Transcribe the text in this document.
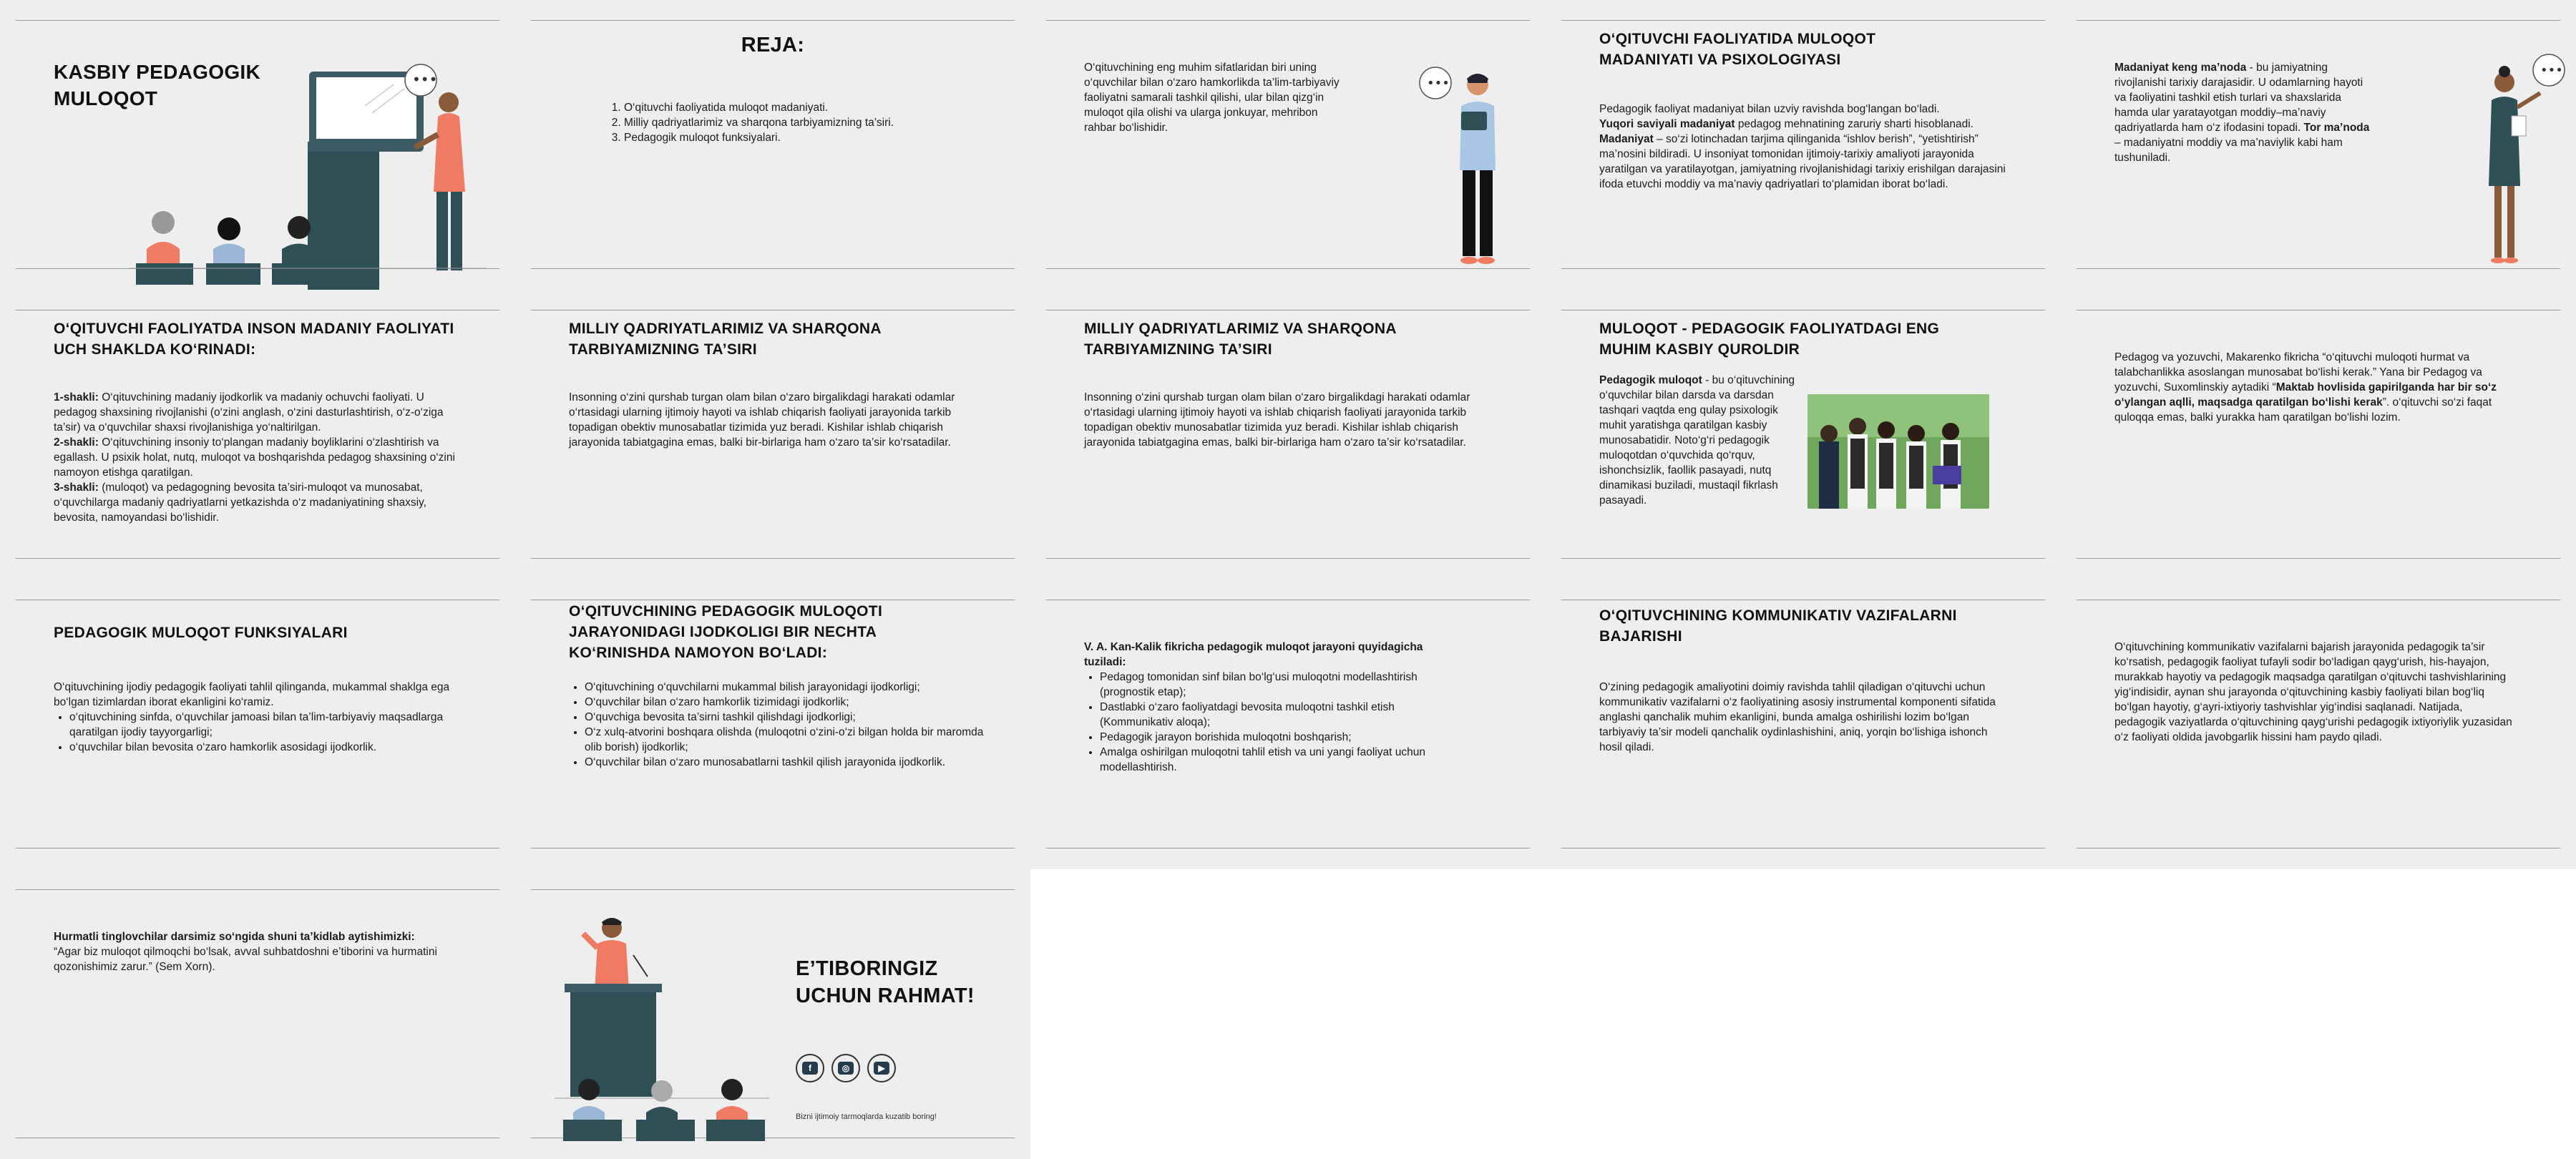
KASBIY PEDAGOGIK MULOQOT
•••
REJA:
1. O‘qituvchi faoliyatida muloqot madaniyati.
2. Milliy qadriyatlarimiz va sharqona tarbiyamizning ta’siri.
3. Pedagogik muloqot funksiyalari.
O‘qituvchining eng muhim sifatlaridan biri uning o‘quvchilar bilan o‘zaro hamkorlikda ta’lim-tarbiyaviy faoliyatni samarali tashkil qilishi, ular bilan qizg‘in muloqot qila olishi va ularga jonkuyar, mehribon rahbar bo‘lishidir.
•••
O‘QITUVCHI FAOLIYATIDA MULOQOT MADANIYATI VA PSIXOLOGIYASI

Pedagogik faoliyat madaniyat bilan uzviy ravishda bog‘langan bo‘ladi.

Yuqori saviyali madaniyat pedagog mehnatining zaruriy sharti hisoblanadi. Madaniyat – so‘zi lotinchadan tarjima qilinganida “ishlov berish”, “yetishtirish” ma’nosini bildiradi. U insoniyat tomonidan ijtimoiy-tarixiy amaliyoti jarayonida yaratilgan va yaratilayotgan, jamiyatning rivojlanishidagi tarixiy erishilgan darajasini ifoda etuvchi moddiy va ma’naviy qadriyatlari to‘plamidan iborat bo‘ladi.

Madaniyat keng ma’noda - bu jamiyatning rivojlanishi tarixiy darajasidir. U odamlarning hayoti va faoliyatini tashkil etish turlari va shaxslarida hamda ular yaratayotgan moddiy–ma’naviy qadriyatlarda ham o‘z ifodasini topadi. Tor ma’noda – madaniyatni moddiy va ma’naviylik kabi ham tushuniladi.

•••
O‘QITUVCHI FAOLIYATDA INSON MADANIY FAOLIYATI UCH SHAKLDA KO‘RINADI:

1-shakli: O‘qituvchining madaniy ijodkorlik va madaniy ochuvchi faoliyati. U pedagog shaxsining rivojlanishi (o‘zini anglash, o‘zini dasturlashtirish, o‘z-o‘ziga ta’sir) va o‘quvchilar shaxsi rivojlanishiga yo‘naltirilgan.

2-shakli: O‘qituvchining insoniy to‘plangan madaniy boyliklarini o‘zlashtirish va egallash. U psixik holat, nutq, muloqot va boshqarishda pedagog shaxsining o‘zini namoyon etishga qaratilgan.

3-shakli: (muloqot) va pedagogning bevosita ta’siri-muloqot va munosabat, o‘quvchilarga madaniy qadriyatlarni yetkazishda o‘z madaniyatining shaxsiy, bevosita, namoyandasi bo‘lishidir.

MILLIY QADRIYATLARIMIZ VA SHARQONA TARBIYAMIZNING TA’SIRI
Insonning o‘zini qurshab turgan olam bilan o‘zaro birgalikdagi harakati odamlar o‘rtasidagi ularning ijtimoiy hayoti va ishlab chiqarish faoliyati jarayonida tarkib topadigan obektiv munosabatlar tizimida yuz beradi. Kishilar ishlab chiqarish jarayonida tabiatgagina emas, balki bir-birlariga ham o‘zaro ta’sir ko‘rsatadilar.
MILLIY QADRIYATLARIMIZ VA SHARQONA TARBIYAMIZNING TA’SIRI
Insonning o‘zini qurshab turgan olam bilan o‘zaro birgalikdagi harakati odamlar o‘rtasidagi ularning ijtimoiy hayoti va ishlab chiqarish faoliyati jarayonida tarkib topadigan obektiv munosabatlar tizimida yuz beradi. Kishilar ishlab chiqarish jarayonida tabiatgagina emas, balki bir-birlariga ham o‘zaro ta’sir ko‘rsatadilar.
MULOQOT - PEDAGOGIK FAOLIYATDAGI ENG MUHIM KASBIY QUROLDIR

Pedagogik muloqot - bu o‘qituvchining o‘quvchilar bilan darsda va darsdan tashqari vaqtda eng qulay psixologik muhit yaratishga qaratilgan kasbiy munosabatidir. Noto‘g‘ri pedagogik muloqotdan o‘quvchida qo‘rquv, ishonchsizlik, faollik pasayadi, nutq dinamikasi buziladi, mustaqil fikrlash pasayadi.

Pedagog va yozuvchi, Makarenko fikricha “o‘qituvchi muloqoti hurmat va talabchanlikka asoslangan munosabat bo‘lishi kerak.” Yana bir Pedagog va yozuvchi, Suxomlinskiy aytadiki “Maktab hovlisida gapirilganda har bir so‘z o‘ylangan aqlli, maqsadga qaratilgan bo‘lishi kerak”. o‘qituvchi so‘zi faqat quloqqa emas, balki yurakka ham qaratilgan bo‘lishi lozim.

PEDAGOGIK MULOQOT FUNKSIYALARI

O‘qituvchining ijodiy pedagogik faoliyati tahlil qilinganda, mukammal shaklga ega bo‘lgan tizimlardan iborat ekanligini ko‘ramiz.

• o‘qituvchining sinfda, o‘quvchilar jamoasi bilan ta’lim-tarbiyaviy maqsadlarga qaratilgan ijodiy tayyorgarligi;
• o‘quvchilar bilan bevosita o‘zaro hamkorlik asosidagi ijodkorlik.
O‘QITUVCHINING PEDAGOGIK MULOQOTI JARAYONIDAGI IJODKOLIGI BIR NECHTA KO‘RINISHDA NAMOYON BO‘LADI:
• O‘qituvchining o‘quvchilarni mukammal bilish jarayonidagi ijodkorligi;
• O‘quvchilar bilan o‘zaro hamkorlik tizimidagi ijodkorlik;
• O‘quvchiga bevosita ta’sirni tashkil qilishdagi ijodkorligi;
• O‘z xulq-atvorini boshqara olishda (muloqotni o‘zini-o‘zi bilgan holda bir maromda olib borish) ijodkorlik;
• O‘quvchilar bilan o‘zaro munosabatlarni tashkil qilish jarayonida ijodkorlik.

V. A. Kan-Kalik fikricha pedagogik muloqot jarayoni quyidagicha tuziladi:

• Pedagog tomonidan sinf bilan bo‘lg‘usi muloqotni modellashtirish (prognostik etap);
• Dastlabki o‘zaro faoliyatdagi bevosita muloqotni tashkil etish (Kommunikativ aloqa);
• Pedagogik jarayon borishida muloqotni boshqarish;
• Amalga oshirilgan muloqotni tahlil etish va uni yangi faoliyat uchun modellashtirish.
O‘QITUVCHINING KOMMUNIKATIV VAZIFALARNI BAJARISHI
O‘zining pedagogik amaliyotini doimiy ravishda tahlil qiladigan o‘qituvchi uchun kommunikativ vazifalarni o‘z faoliyatining asosiy instrumental komponenti sifatida anglashi qanchalik muhim ekanligini, bunda amalga oshirilishi lozim bo‘lgan tarbiyaviy ta’sir modeli qanchalik oydinlashishini, aniq, yorqin bo‘lishiga ishonch hosil qiladi.
O‘qituvchining kommunikativ vazifalarni bajarish jarayonida pedagogik ta’sir ko‘rsatish, pedagogik faoliyat tufayli sodir bo‘ladigan qayg‘urish, his-hayajon, murakkab hayotiy va pedagogik maqsadga qaratilgan o‘qituvchi tashvishlarining yig‘indisidir, aynan shu jarayonda o‘qituvchining kasbiy faoliyati bilan bog‘liq bo‘lgan hayotiy, g‘ayri-ixtiyoriy tashvishlar yig‘indisi saqlanadi. Natijada, pedagogik vaziyatlarda o‘qituvchining qayg‘urishi pedagogik ixtiyoriylik yuzasidan o‘z faoliyati oldida javobgarlik hissini ham paydo qiladi.

Hurmatli tinglovchilar darsimiz so‘ngida shuni ta’kidlab aytishimizki:

“Agar biz muloqot qilmoqchi bo‘lsak, avval suhbatdoshni e’tiborini va hurmatini qozonishimiz zarur.” (Sem Xorn).	E’TIBORINGIZ UCHUN RAHMAT!
f	◎	▶
Bizni ijtimoiy tarmoqlarda kuzatib boring!
